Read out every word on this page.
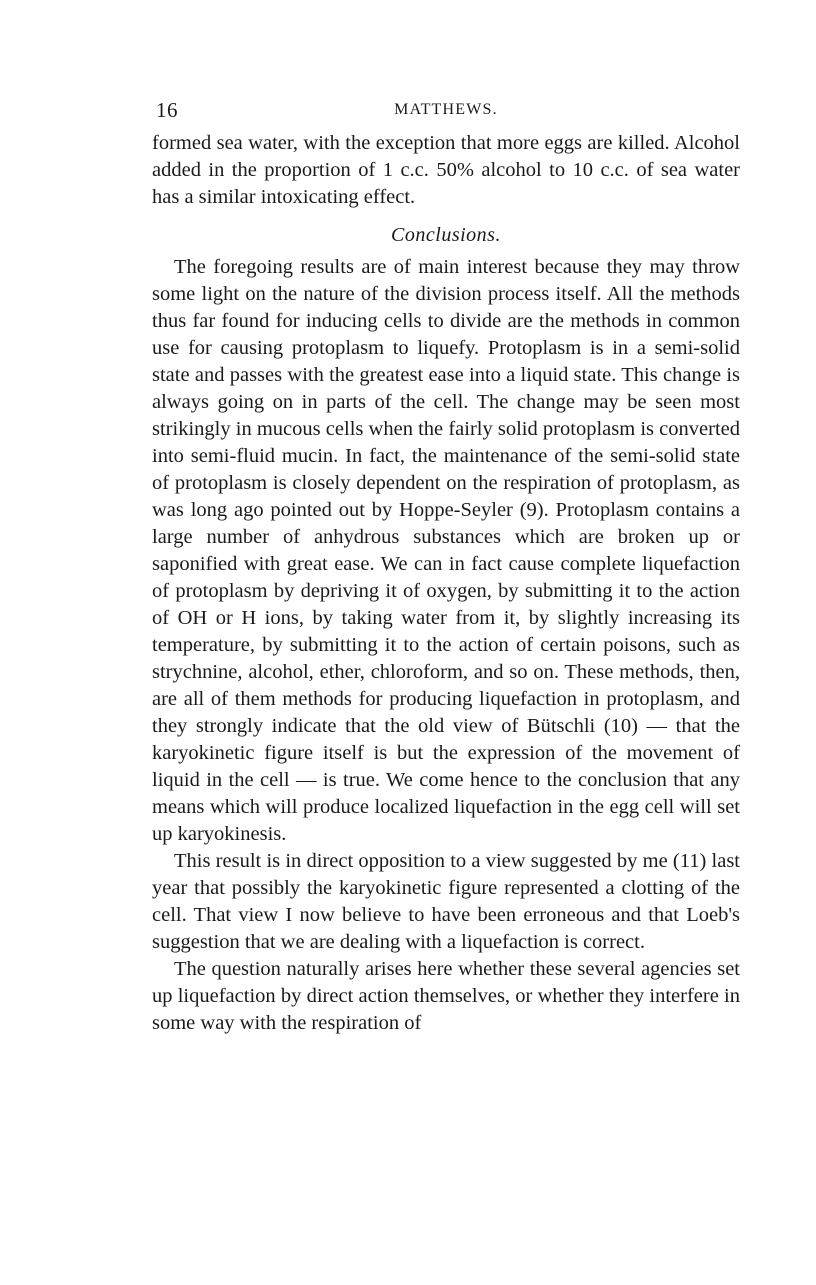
16	MATTHEWS.

formed sea water, with the exception that more eggs are killed. Alcohol added in the proportion of 1 c.c. 50% alcohol to 10 c.c. of sea water has a similar intoxicating effect.

Conclusions.

The foregoing results are of main interest because they may throw some light on the nature of the division process itself. All the methods thus far found for inducing cells to divide are the methods in common use for causing protoplasm to liquefy. Protoplasm is in a semi-solid state and passes with the greatest ease into a liquid state. This change is always going on in parts of the cell. The change may be seen most strikingly in mucous cells when the fairly solid protoplasm is converted into semi-fluid mucin. In fact, the maintenance of the semi-solid state of protoplasm is closely dependent on the respiration of protoplasm, as was long ago pointed out by Hoppe-Seyler (9). Protoplasm contains a large number of anhydrous substances which are broken up or saponified with great ease. We can in fact cause complete liquefaction of protoplasm by depriving it of oxygen, by submitting it to the action of OH or H ions, by taking water from it, by slightly increasing its temperature, by submitting it to the action of certain poisons, such as strychnine, alcohol, ether, chloroform, and so on. These methods, then, are all of them methods for producing liquefaction in protoplasm, and they strongly indicate that the old view of Bütschli (10) — that the karyokinetic figure itself is but the expression of the movement of liquid in the cell — is true. We come hence to the conclusion that any means which will produce localized liquefaction in the egg cell will set up karyokinesis.

This result is in direct opposition to a view suggested by me (11) last year that possibly the karyokinetic figure represented a clotting of the cell. That view I now believe to have been erroneous and that Loeb's suggestion that we are dealing with a liquefaction is correct.

The question naturally arises here whether these several agencies set up liquefaction by direct action themselves, or whether they interfere in some way with the respiration of
